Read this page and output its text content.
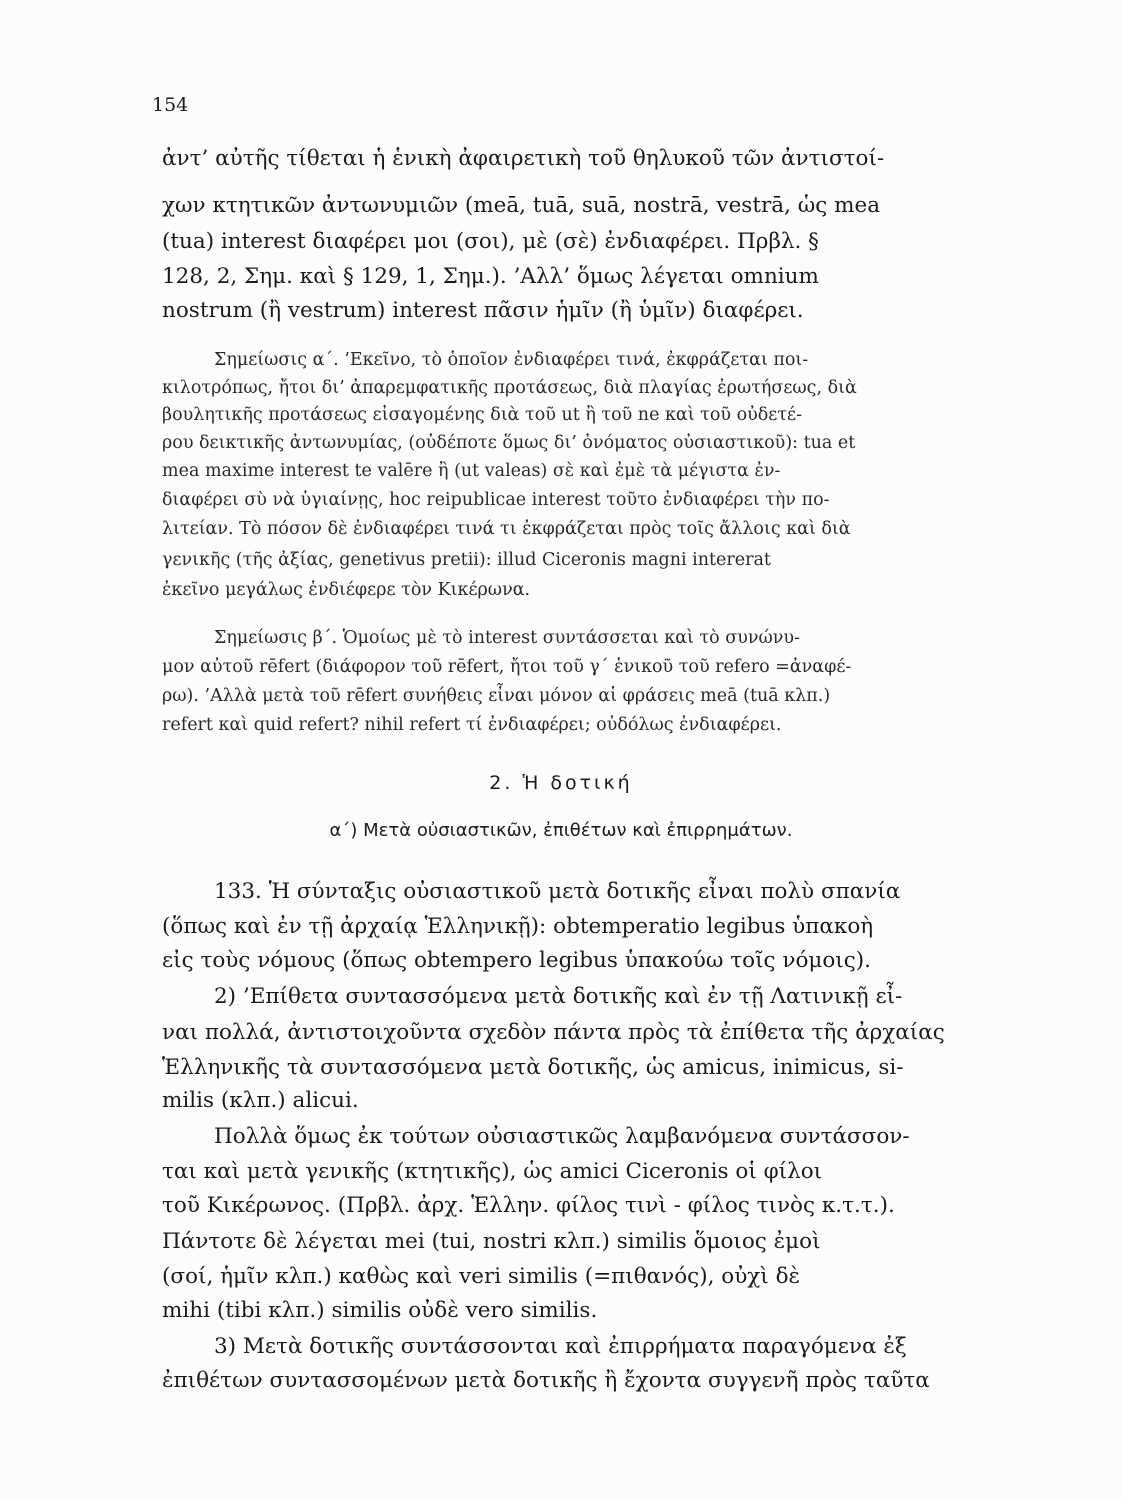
154
ἀντ’ αὐτῆς τίθεται ἡ ἑνικὴ ἀφαιρετικὴ τοῦ θηλυκοῦ τῶν ἀντιστοί-
χων κτητικῶν ἀντωνυμιῶν (meā, tuā, suā, nostrā, vestrā, ὡς mea
(tua) interest διαφέρει μοι (σοι), μὲ (σὲ) ἐνδιαφέρει. Πρβλ. §
128, 2, Σημ. καὶ § 129, 1, Σημ.). ’Αλλ’ ὅμως λέγεται omnium
nostrum (ἢ vestrum) interest πᾶσιν ἡμῖν (ἢ ὑμῖν) διαφέρει.
Σημείωσις α΄. ’Εκεῖνο, τὸ ὁποῖον ἐνδιαφέρει τινά, ἐκφράζεται ποι-
κιλοτρόπως, ἤτοι δι’ ἀπαρεμφατικῆς προτάσεως, διὰ πλαγίας ἐρωτήσεως, διὰ
βουλητικῆς προτάσεως εἰσαγομένης διὰ τοῦ ut ἢ τοῦ ne καὶ τοῦ οὐδετέ-
ρου δεικτικῆς ἀντωνυμίας, (οὐδέποτε ὅμως δι’ ὀνόματος οὐσιαστικοῦ): tua et
mea maxime interest te valēre ἢ (ut valeas) σὲ καὶ ἐμὲ τὰ μέγιστα ἐν-
διαφέρει σὺ νὰ ὑγιαίνῃς, hoc reipublicae interest τοῦτο ἐνδιαφέρει τὴν πο-
λιτείαν. Τὸ πόσον δὲ ἐνδιαφέρει τινά τι ἐκφράζεται πρὸς τοῖς ἄλλοις καὶ διὰ
γενικῆς (τῆς ἀξίας, genetivus pretii): illud Ciceronis magni intererat
ἐκεῖνο μεγάλως ἐνδιέφερε τὸν Κικέρωνα.
Σημείωσις β΄. Ὁμοίως μὲ τὸ interest συντάσσεται καὶ τὸ συνώνυ-
μον αὐτοῦ rēfert (διάφορον τοῦ rēfert, ἤτοι τοῦ γ΄ ἑνικοῦ τοῦ refero =ἀναφέ-
ρω). ’Αλλὰ μετὰ τοῦ rēfert συνήθεις εἶναι μόνον αἱ φράσεις meā (tuā κλπ.)
refert καὶ quid refert? nihil refert τί ἐνδιαφέρει; οὐδόλως ἐνδιαφέρει.
2. Ἡ δοτική
α΄) Μετὰ οὐσιαστικῶν, ἐπιθέτων καὶ ἐπιρρημάτων.
133. Ἡ σύνταξις οὐσιαστικοῦ μετὰ δοτικῆς εἶναι πολὺ σπανία
(ὅπως καὶ ἐν τῇ ἀρχαίᾳ Ἑλληνικῇ): obtemperatio legibus ὑπακοὴ
εἰς τοὺς νόμους (ὅπως obtempero legibus ὑπακούω τοῖς νόμοις).
2) ’Επίθετα συντασσόμενα μετὰ δοτικῆς καὶ ἐν τῇ Λατινικῇ εἶ-
ναι πολλά, ἀντιστοιχοῦντα σχεδὸν πάντα πρὸς τὰ ἐπίθετα τῆς ἀρχαίας
Ἑλληνικῆς τὰ συντασσόμενα μετὰ δοτικῆς, ὡς amicus, inimicus, si-
milis (κλπ.) alicui.
Πολλὰ ὅμως ἐκ τούτων οὐσιαστικῶς λαμβανόμενα συντάσσον-
ται καὶ μετὰ γενικῆς (κτητικῆς), ὡς amici Ciceronis οἱ φίλοι
τοῦ Κικέρωνος. (Πρβλ. ἀρχ. Ἑλλην. φίλος τινὶ - φίλος τινὸς κ.τ.τ.).
Πάντοτε δὲ λέγεται mei (tui, nostri κλπ.) similis ὅμοιος ἐμοὶ
(σοί, ἡμῖν κλπ.) καθὼς καὶ veri similis (=πιθανός), οὐχὶ δὲ
mihi (tibi κλπ.) similis οὐδὲ vero similis.
3) Μετὰ δοτικῆς συντάσσονται καὶ ἐπιρρήματα παραγόμενα ἐξ
ἐπιθέτων συντασσομένων μετὰ δοτικῆς ἢ ἔχοντα συγγενῆ πρὸς ταῦτα
